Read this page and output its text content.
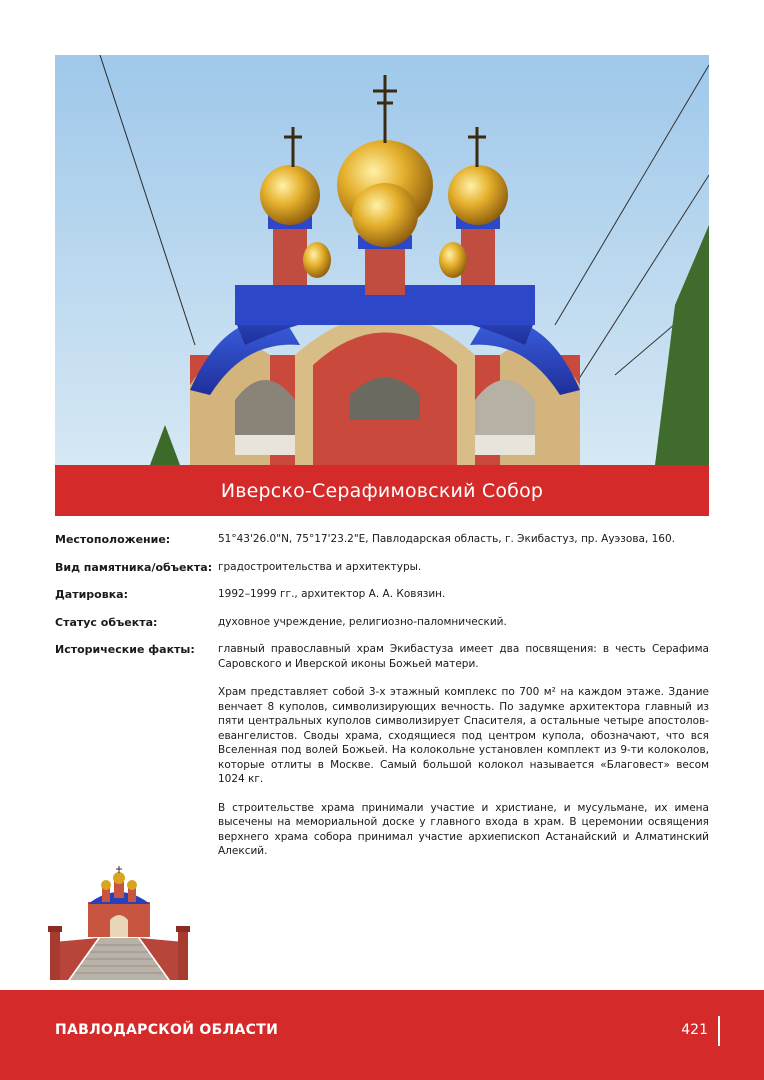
Иверско-Серафимовский Собор
Местоположение:	51°43'26.0"N, 75°17'23.2"E, Павлодарская область, г. Экибастуз, пр. Ауэзова, 160.

Вид памятника/объекта: градостроительства и архитектуры.

Датировка:	1992–1999 гг., архитектор А. А. Ковязин.

Статус объекта:	духовное учреждение, религиозно-паломнический.

Исторические факты:	главный православный храм Экибастуза имеет два посвящения: в честь Серафима Саровского и Иверской иконы Божьей матери.

Храм представляет собой 3-х этажный комплекс по 700 м² на каждом этаже. Здание венчает 8 куполов, символизирующих вечность. По задумке архитектора главный из пяти центральных куполов символизирует Спасителя, а остальные четыре апостолов-евангелистов. Своды храма, сходящиеся под центром купола, обозначают, что вся Вселенная под волей Божьей. На колокольне установлен комплект из 9-ти колоколов, которые отлиты в Москве. Самый большой колокол называется «Благовест» весом 1024 кг.

В строительстве храма принимали участие и христиане, и мусульмане, их имена высечены на мемориальной доске у главного входа в храм. В церемонии освящения верхнего храма собора принимал участие архиепископ Астанайский и Алматинский Алексий.

ПАВЛОДАРСКОЙ ОБЛАСТИ	421
